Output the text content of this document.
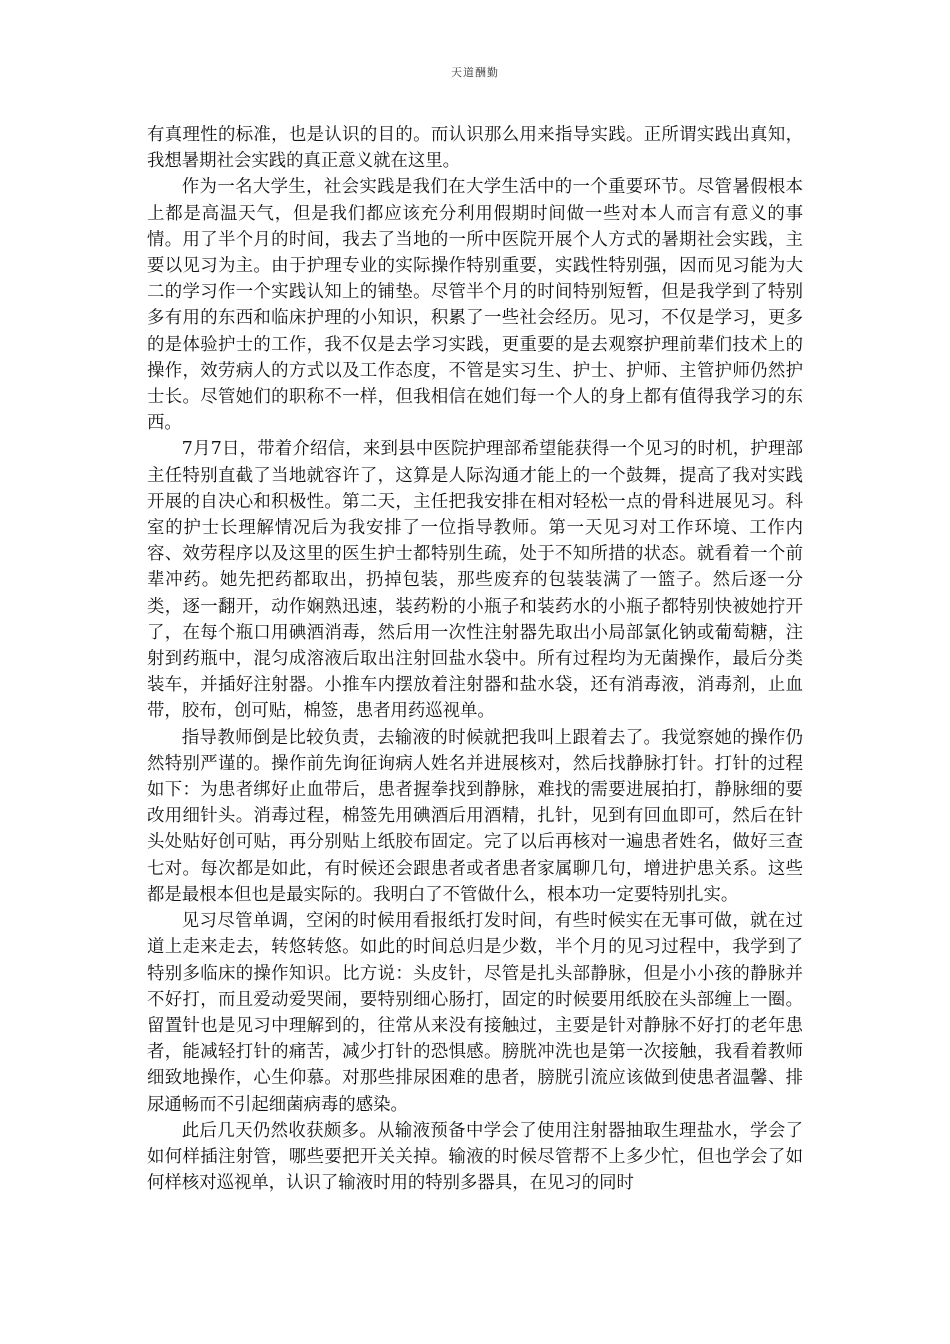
天道酬勤

有真理性的标准，也是认识的目的。而认识那么用来指导实践。正所谓实践出真知，我想暑期社会实践的真正意义就在这里。

作为一名大学生，社会实践是我们在大学生活中的一个重要环节。尽管暑假根本上都是高温天气，但是我们都应该充分利用假期时间做一些对本人而言有意义的事情。用了半个月的时间，我去了当地的一所中医院开展个人方式的暑期社会实践，主要以见习为主。由于护理专业的实际操作特别重要，实践性特别强，因而见习能为大二的学习作一个实践认知上的铺垫。尽管半个月的时间特别短暂，但是我学到了特别多有用的东西和临床护理的小知识，积累了一些社会经历。见习，不仅是学习，更多的是体验护士的工作，我不仅是去学习实践，更重要的是去观察护理前辈们技术上的操作，效劳病人的方式以及工作态度，不管是实习生、护士、护师、主管护师仍然护士长。尽管她们的职称不一样，但我相信在她们每一个人的身上都有值得我学习的东西。

7月7日，带着介绍信，来到县中医院护理部希望能获得一个见习的时机，护理部主任特别直截了当地就容许了，这算是人际沟通才能上的一个鼓舞，提高了我对实践开展的自决心和积极性。第二天，主任把我安排在相对轻松一点的骨科进展见习。科室的护士长理解情况后为我安排了一位指导教师。第一天见习对工作环境、工作内容、效劳程序以及这里的医生护士都特别生疏，处于不知所措的状态。就看着一个前辈冲药。她先把药都取出，扔掉包装，那些废弃的包装装满了一篮子。然后逐一分类，逐一翻开，动作娴熟迅速，装药粉的小瓶子和装药水的小瓶子都特别快被她拧开了，在每个瓶口用碘酒消毒，然后用一次性注射器先取出小局部氯化钠或葡萄糖，注射到药瓶中，混匀成溶液后取出注射回盐水袋中。所有过程均为无菌操作，最后分类装车，并插好注射器。小推车内摆放着注射器和盐水袋，还有消毒液，消毒剂，止血带，胶布，创可贴，棉签，患者用药巡视单。

指导教师倒是比较负责，去输液的时候就把我叫上跟着去了。我觉察她的操作仍然特别严谨的。操作前先询征询病人姓名并进展核对，然后找静脉打针。打针的过程如下：为患者绑好止血带后，患者握拳找到静脉，难找的需要进展拍打，静脉细的要改用细针头。消毒过程，棉签先用碘酒后用酒精，扎针，见到有回血即可，然后在针头处贴好创可贴，再分别贴上纸胶布固定。完了以后再核对一遍患者姓名，做好三查七对。每次都是如此，有时候还会跟患者或者患者家属聊几句，增进护患关系。这些都是最根本但也是最实际的。我明白了不管做什么，根本功一定要特别扎实。

见习尽管单调，空闲的时候用看报纸打发时间，有些时候实在无事可做，就在过道上走来走去，转悠转悠。如此的时间总归是少数，半个月的见习过程中，我学到了特别多临床的操作知识。比方说：头皮针，尽管是扎头部静脉，但是小小孩的静脉并不好打，而且爱动爱哭闹，要特别细心肠打，固定的时候要用纸胶在头部缠上一圈。留置针也是见习中理解到的，往常从来没有接触过，主要是针对静脉不好打的老年患者，能减轻打针的痛苦，减少打针的恐惧感。膀胱冲洗也是第一次接触，我看着教师细致地操作，心生仰慕。对那些排尿困难的患者，膀胱引流应该做到使患者温馨、排尿通畅而不引起细菌病毒的感染。

此后几天仍然收获颇多。从输液预备中学会了使用注射器抽取生理盐水，学会了如何样插注射管，哪些要把开关关掉。输液的时候尽管帮不上多少忙，但也学会了如何样核对巡视单，认识了输液时用的特别多器具，在见习的同时
